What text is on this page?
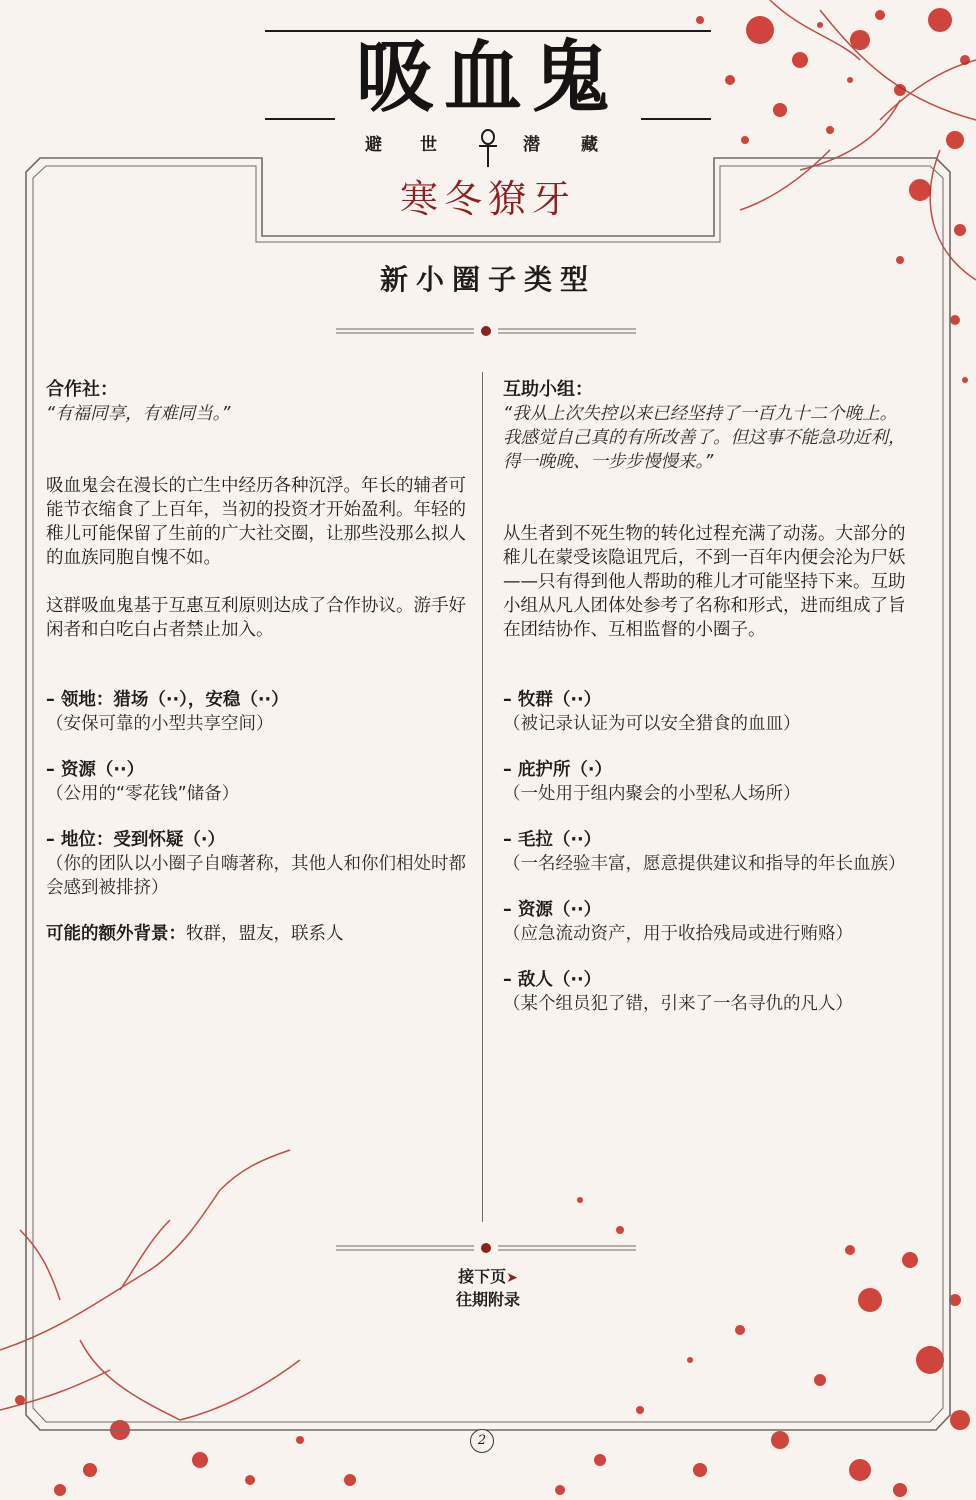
吸血鬼
避 世	潜 藏
寒冬獠牙
新小圈子类型
合作社：
“有福同享，有难同当。”

吸血鬼会在漫长的亡生中经历各种沉浮。年长的辅者可能节衣缩食了上百年，当初的投资才开始盈利。年轻的稚儿可能保留了生前的广大社交圈，让那些没那么拟人的血族同胞自愧不如。

这群吸血鬼基于互惠互利原则达成了合作协议。游手好闲者和白吃白占者禁止加入。

– 领地：猎场（··），安稳（··）
（安保可靠的小型共享空间）
– 资源（··）
（公用的“零花钱”储备）
– 地位：受到怀疑（·）
（你的团队以小圈子自嗨著称，其他人和你们相处时都会感到被排挤）
可能的额外背景：牧群，盟友，联系人
互助小组：
“我从上次失控以来已经坚持了一百九十二个晚上。我感觉自己真的有所改善了。但这事不能急功近利，得一晚晚、一步步慢慢来。”

从生者到不死生物的转化过程充满了动荡。大部分的稚儿在蒙受该隐诅咒后，不到一百年内便会沦为尸妖——只有得到他人帮助的稚儿才可能坚持下来。互助小组从凡人团体处参考了名称和形式，进而组成了旨在团结协作、互相监督的小圈子。

– 牧群（··）
（被记录认证为可以安全猎食的血皿）
– 庇护所（·）
（一处用于组内聚会的小型私人场所）
– 毛拉（··）
（一名经验丰富，愿意提供建议和指导的年长血族）
– 资源（··）
（应急流动资产，用于收拾残局或进行贿赂）
– 敌人（··）
（某个组员犯了错，引来了一名寻仇的凡人）
接下页➤
往期附录
2
